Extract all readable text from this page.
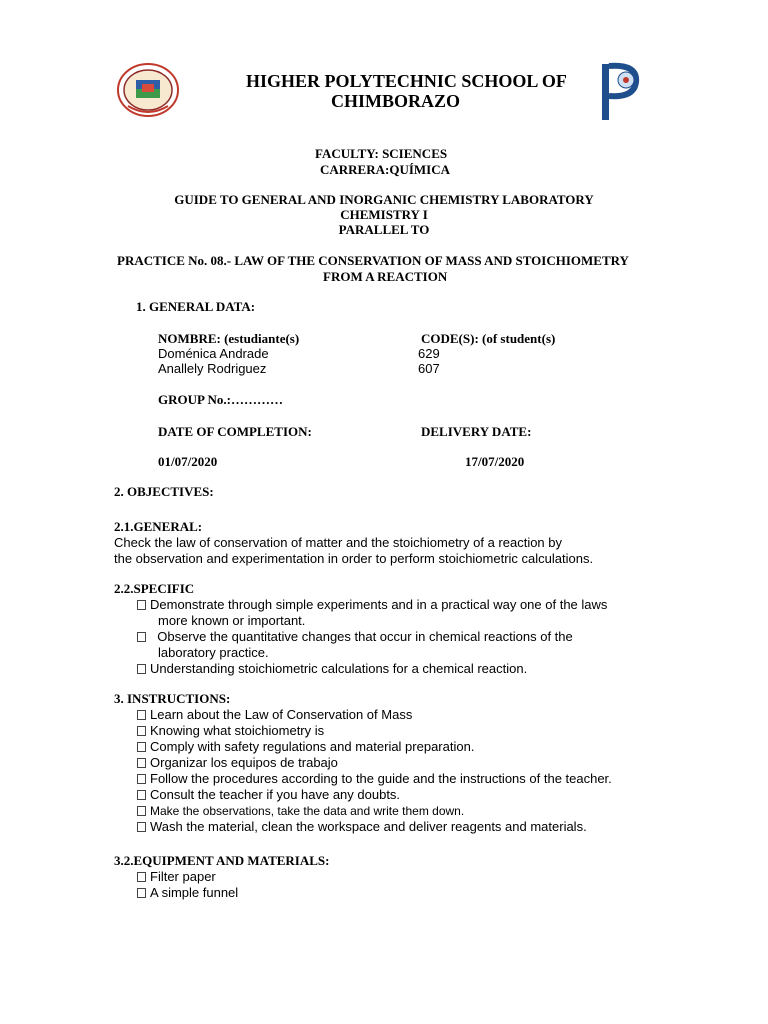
HIGHER POLYTECHNIC SCHOOL OF
CHIMBORAZO
FACULTY: SCIENCES
CARRERA:QUÍMICA
GUIDE TO GENERAL AND INORGANIC CHEMISTRY LABORATORY
CHEMISTRY I
PARALLEL TO
PRACTICE No. 08.- LAW OF THE CONSERVATION OF MASS AND STOICHIOMETRY
FROM A REACTION
1. GENERAL DATA:
NOMBRE: (estudiante(s)	CODE(S): (of student(s)
Doménica Andrade	629
Anallely Rodriguez	607
GROUP No.:…………
DATE OF COMPLETION:	DELIVERY DATE:
01/07/2020	17/07/2020
2. OBJECTIVES:
2.1.GENERAL:
Check the law of conservation of matter and the stoichiometry of a reaction by
the observation and experimentation in order to perform stoichiometric calculations.
2.2.SPECIFIC
Demonstrate through simple experiments and in a practical way one of the laws
more known or important.
Observe the quantitative changes that occur in chemical reactions of the
laboratory practice.
Understanding stoichiometric calculations for a chemical reaction.
3. INSTRUCTIONS:
Learn about the Law of Conservation of Mass
Knowing what stoichiometry is
Comply with safety regulations and material preparation.
Organizar los equipos de trabajo
Follow the procedures according to the guide and the instructions of the teacher.
Consult the teacher if you have any doubts.
Make the observations, take the data and write them down.
Wash the material, clean the workspace and deliver reagents and materials.
3.2.EQUIPMENT AND MATERIALS:
Filter paper
A simple funnel
